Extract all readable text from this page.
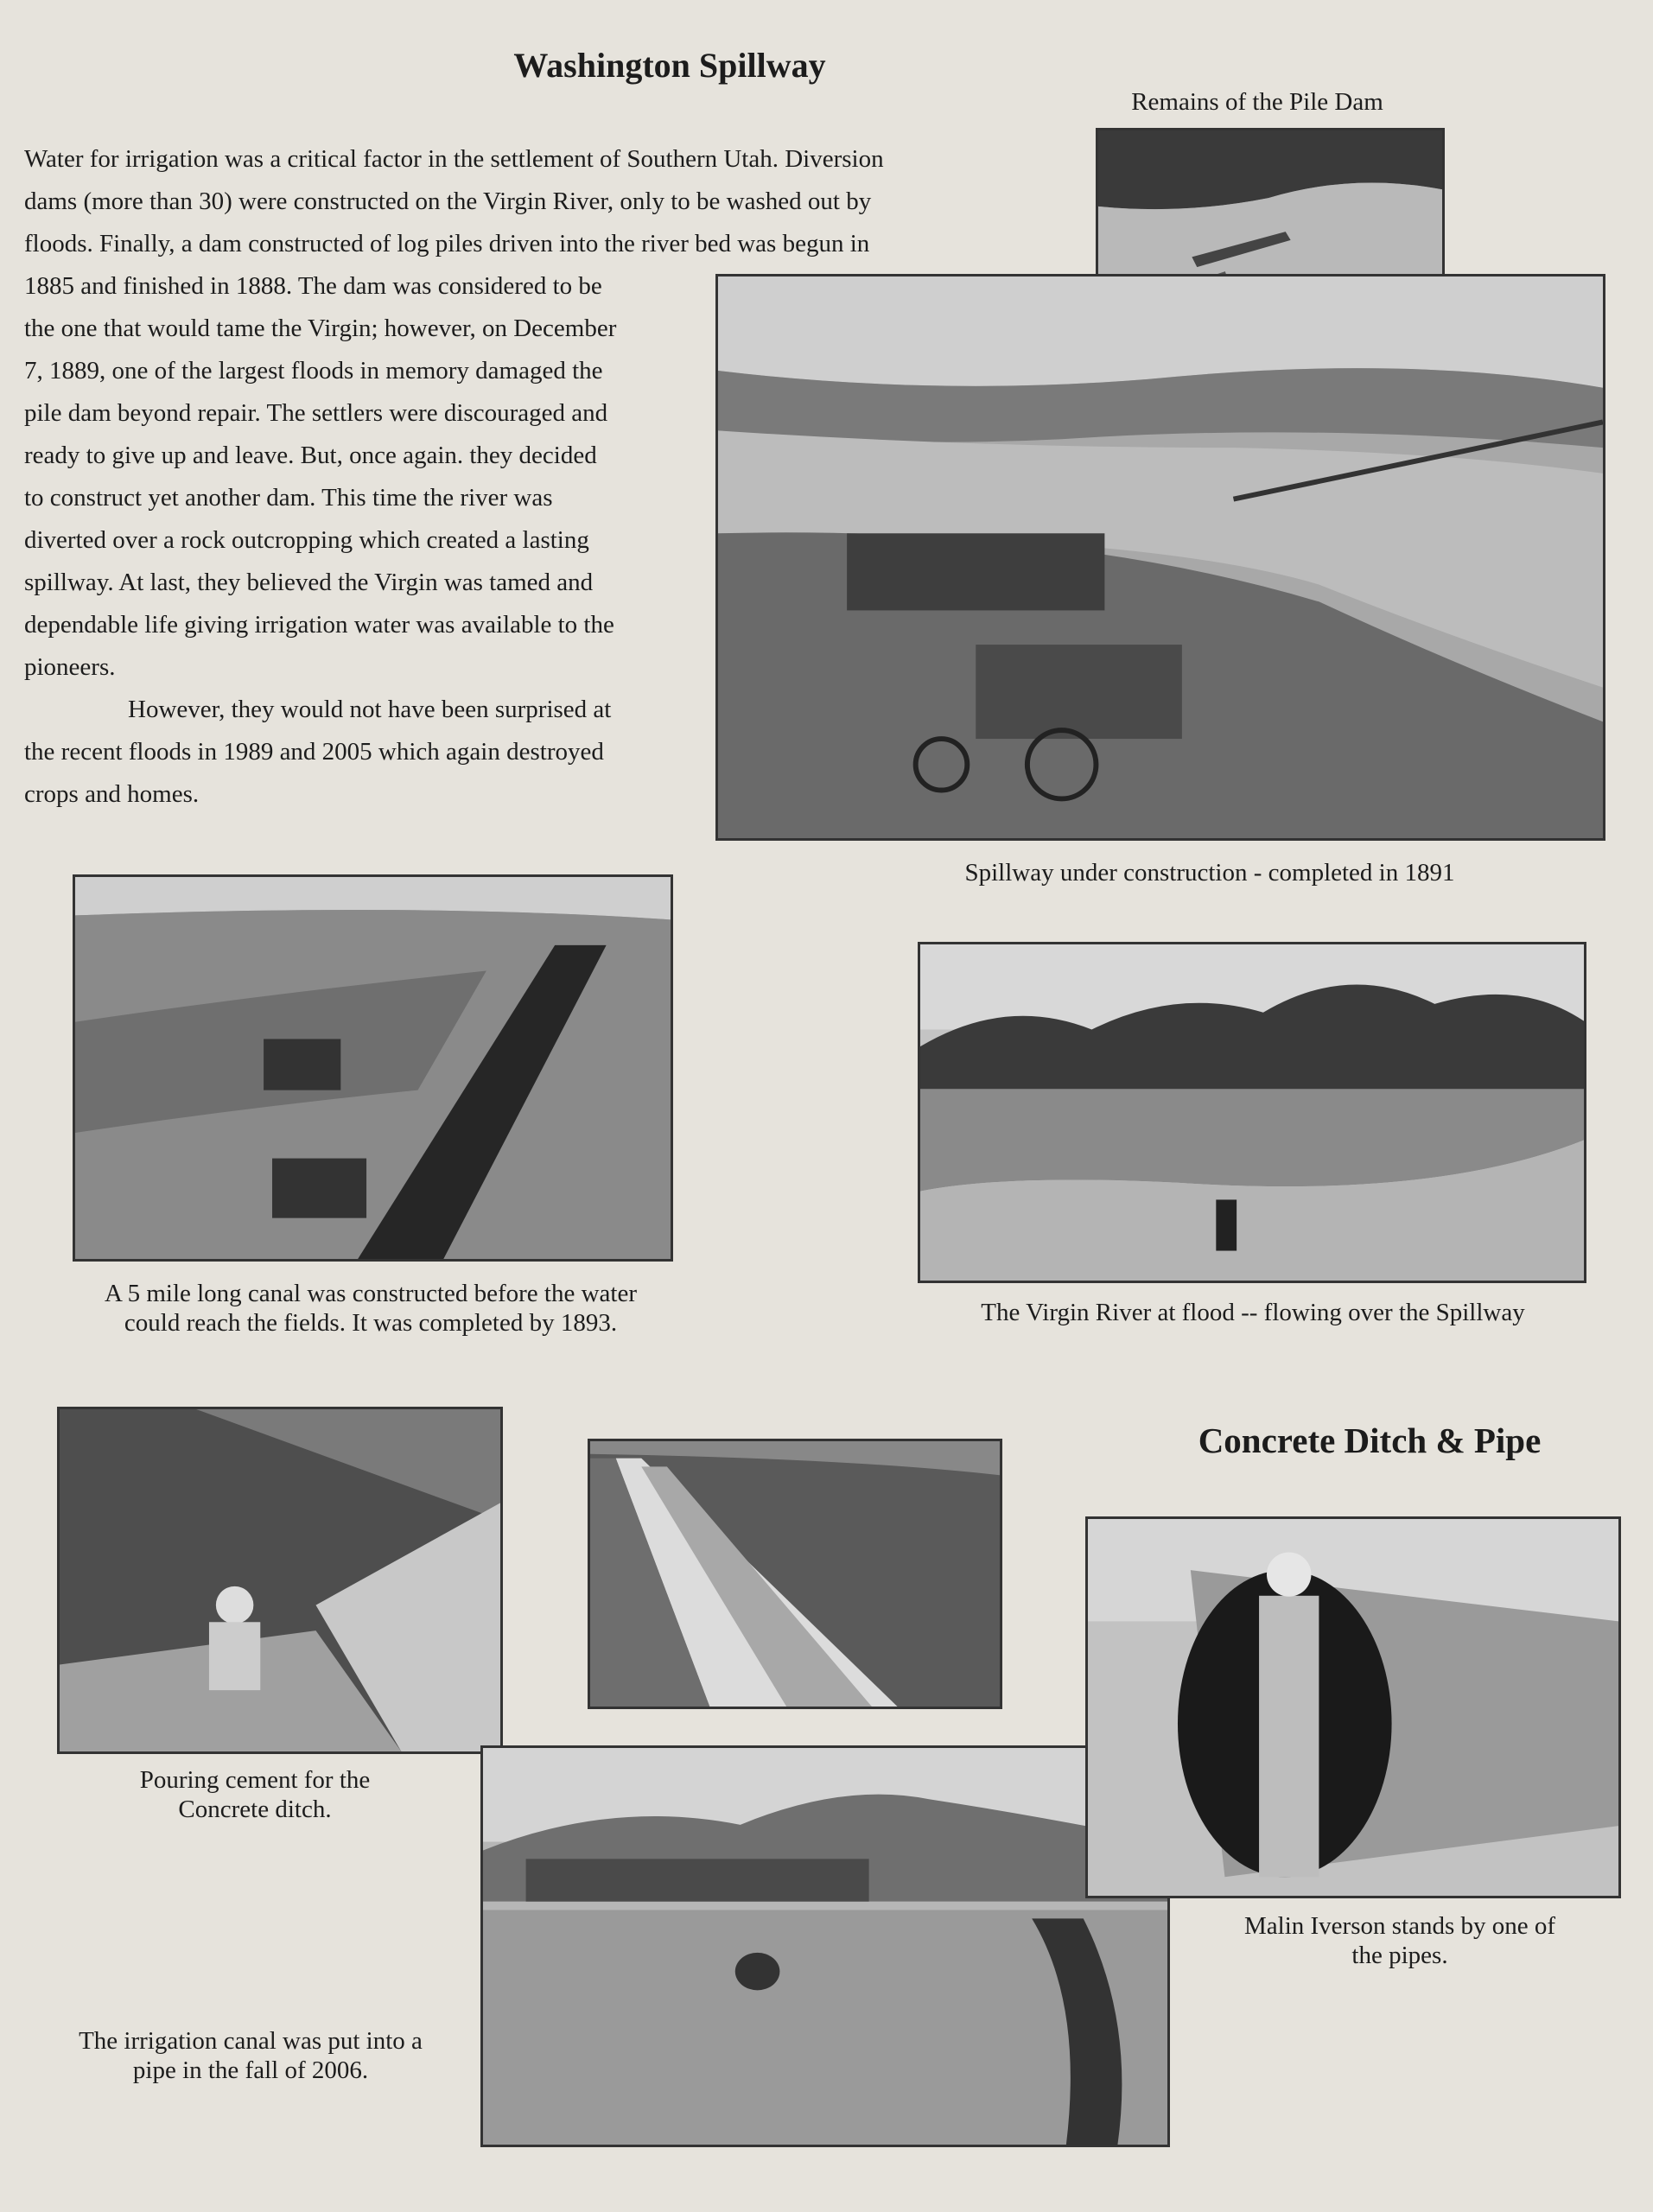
Washington Spillway
Concrete Ditch & Pipe

Water for irrigation was a critical factor in the settlement of Southern Utah. Diversion
dams (more than 30) were constructed on the Virgin River, only to be washed out by
floods. Finally, a dam constructed of log piles driven into the river bed was begun in

1885 and finished in 1888. The dam was considered to be
the one that would tame the Virgin; however, on December
7, 1889, one of the largest floods in memory damaged the
pile dam beyond repair. The settlers were discouraged and
ready to give up and leave. But, once again. they decided
to construct yet another dam. This time the river was
diverted over a rock outcropping which created a lasting
spillway. At last, they believed the Virgin was tamed and
dependable life giving irrigation water was available to the
pioneers.

However, they would not have been surprised at
the recent floods in 1989 and 2005 which again destroyed
crops and homes.

Remains of the Pile Dam
Spillway under construction - completed in 1891
A 5 mile long canal was constructed before the water
could reach the fields. It was completed by 1893.	The Virgin River at flood -- flowing over the Spillway
Pouring cement for the
Concrete ditch.
The irrigation canal was put into a
pipe in the fall of 2006.
Malin Iverson stands by one of
the pipes.
